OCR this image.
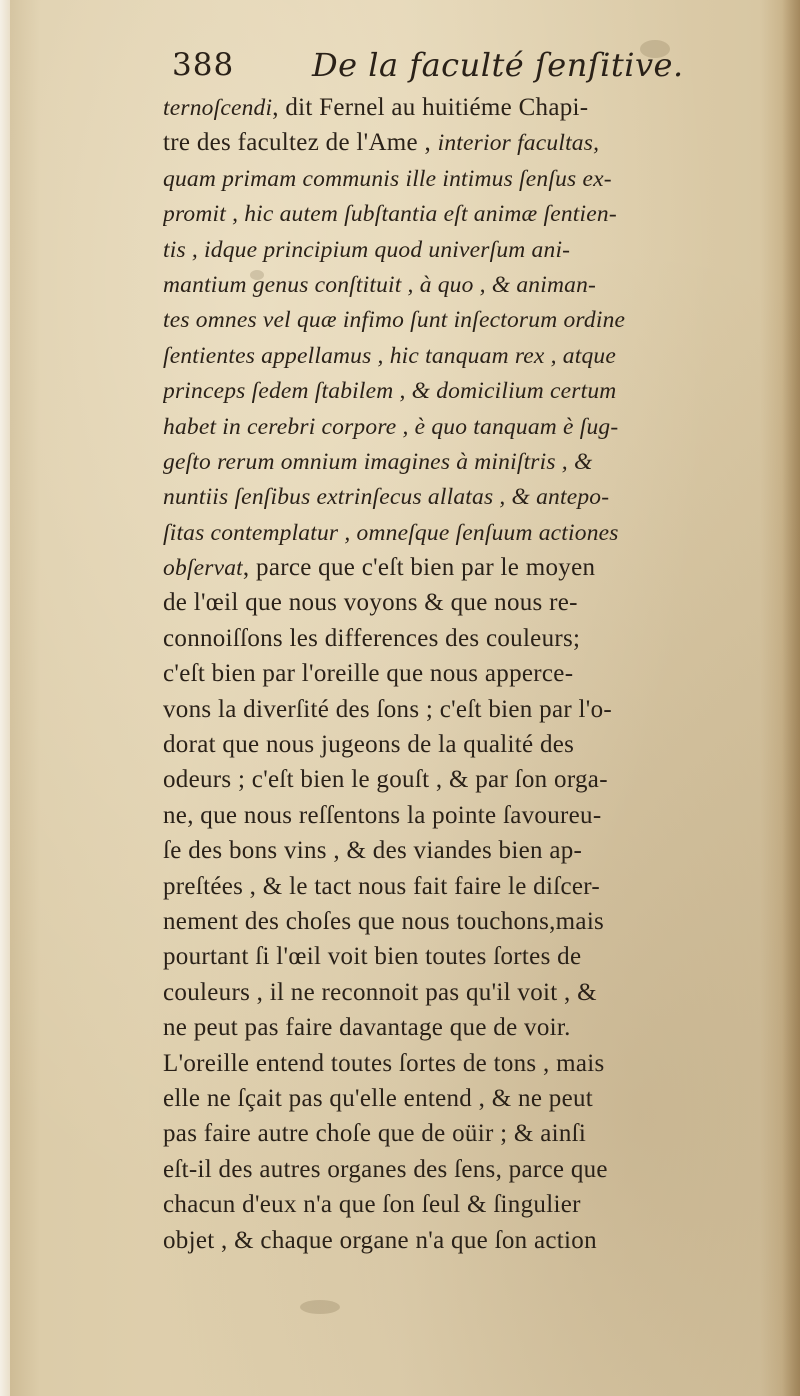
388 De la faculté ſenſitive.
ternoſcendi, dit Fernel au huitiéme Chapi-
tre des facultez de l'Ame , interior facultas,
quam primam communis ille intimus ſenſus ex-
promit , hic autem ſubſtantia eſt animæ ſentien-
tis , idque principium quod univerſum ani-
mantium genus conſtituit , à quo , & animan-
tes omnes vel quæ infimo ſunt inſectorum ordine
ſentientes appellamus , hic tanquam rex , atque
princeps ſedem ſtabilem , & domicilium certum
habet in cerebri corpore , è quo tanquam è ſug-
geſto rerum omnium imagines à miniſtris , &
nuntiis ſenſibus extrinſecus allatas , & antepo-
ſitas contemplatur , omneſque ſenſuum actiones
obſervat, parce que c'eſt bien par le moyen
de l'œil que nous voyons & que nous re-
connoiſſons les differences des couleurs;
c'eſt bien par l'oreille que nous apperce-
vons la diverſité des ſons ; c'eſt bien par l'o-
dorat que nous jugeons de la qualité des
odeurs ; c'eſt bien le gouſt , & par ſon orga-
ne, que nous reſſentons la pointe ſavoureu-
ſe des bons vins , & des viandes bien ap-
preſtées , & le tact nous fait faire le diſcer-
nement des choſes que nous touchons,mais
pourtant ſi l'œil voit bien toutes ſortes de
couleurs , il ne reconnoit pas qu'il voit , &
ne peut pas faire davantage que de voir.
L'oreille entend toutes ſortes de tons , mais
elle ne ſçait pas qu'elle entend , & ne peut
pas faire autre choſe que de oüir ; & ainſi
eſt-il des autres organes des ſens, parce que
chacun d'eux n'a que ſon ſeul & ſingulier
objet , & chaque organe n'a que ſon action
